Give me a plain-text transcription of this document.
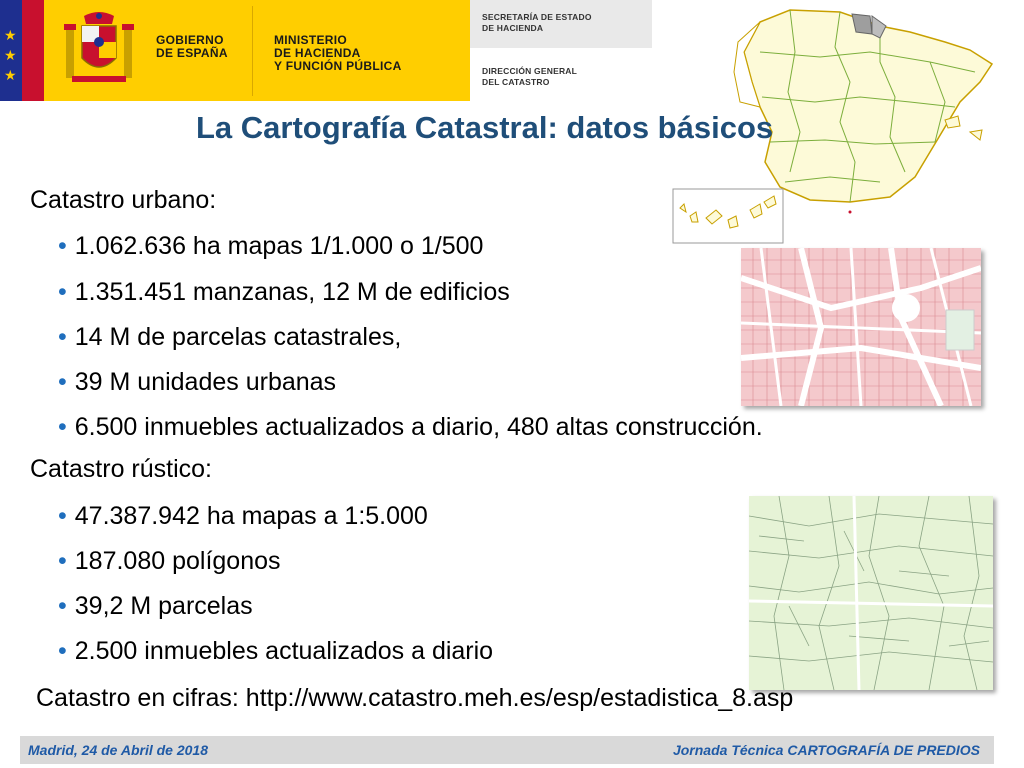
★
★
★
GOBIERNO
DE ESPAÑA
MINISTERIO
DE HACIENDA
Y FUNCIÓN PÚBLICA
SECRETARÍA DE ESTADO
DE HACIENDA
DIRECCIÓN GENERAL
DEL CATASTRO
La Cartografía Catastral: datos básicos
Catastro urbano:
• 1.062.636 ha mapas 1/1.000 o 1/500
• 1.351.451 manzanas, 12 M de edificios
• 14 M de parcelas catastrales,
• 39 M unidades urbanas
• 6.500 inmuebles actualizados a diario, 480 altas construcción.
Catastro rústico:
• 47.387.942 ha mapas a 1:5.000
• 187.080 polígonos
• 39,2 M parcelas
• 2.500 inmuebles actualizados a diario
Catastro en cifras: http://www.catastro.meh.es/esp/estadistica_8.asp
Madrid, 24 de Abril de 2018	Jornada Técnica CARTOGRAFÍA DE PREDIOS
